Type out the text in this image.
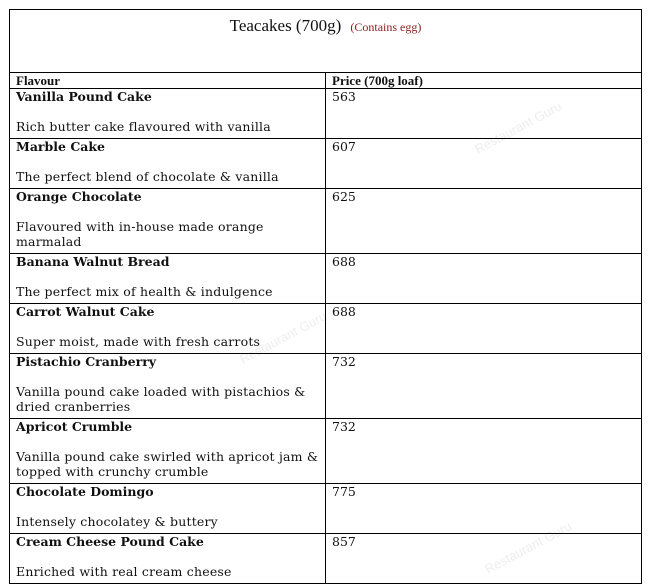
Teacakes (700g) (Contains egg)	
Flavour	Price (700g loaf)

Vanilla Pound Cake
Rich butter cake flavoured with vanilla	563

Marble Cake
The perfect blend of chocolate & vanilla	607

Orange Chocolate
Flavoured with in-house made orange marmalad	625

Banana Walnut Bread
The perfect mix of health & indulgence	688

Carrot Walnut Cake
Super moist, made with fresh carrots	688

Pistachio Cranberry
Vanilla pound cake loaded with pistachios & dried cranberries	732

Apricot Crumble
Vanilla pound cake swirled with apricot jam & topped with crunchy crumble	732

Chocolate Domingo
Intensely chocolatey & buttery	775

Cream Cheese Pound Cake
Enriched with real cream cheese	857
Restaurant Guru
Restaurant Guru
Restaurant Guru
